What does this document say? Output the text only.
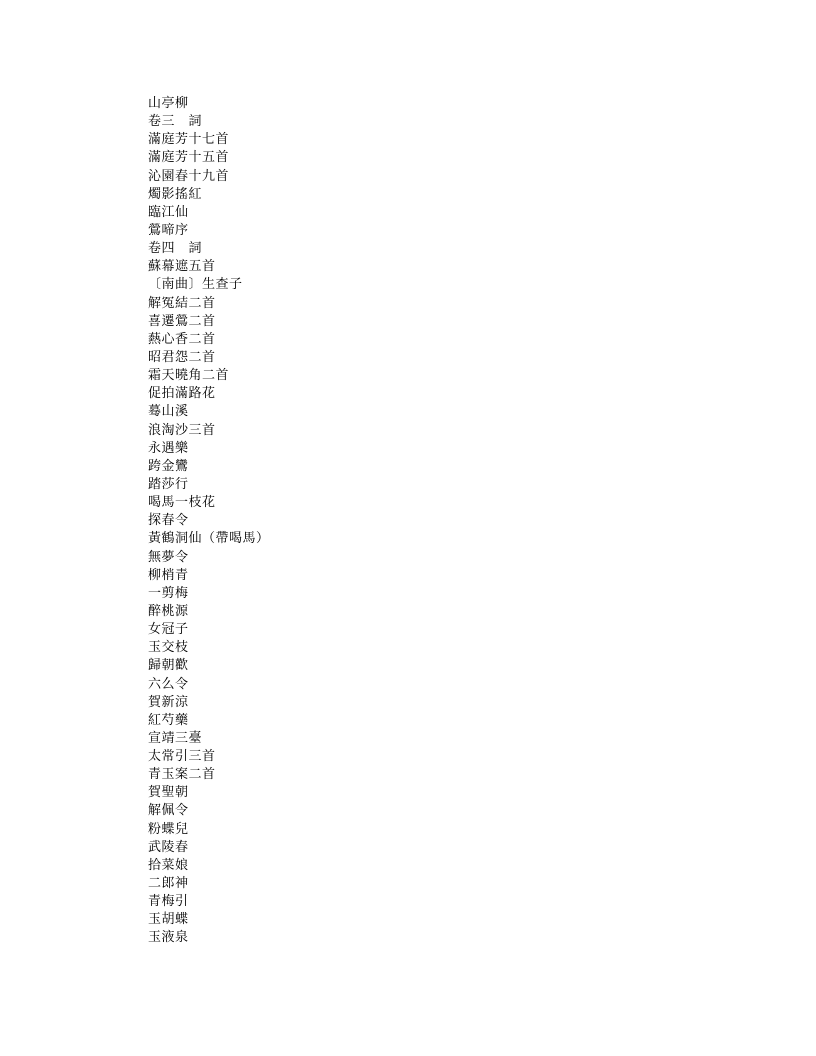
山亭柳
卷三　詞
滿庭芳十七首
滿庭芳十五首
沁園春十九首
燭影搖紅
臨江仙
鶯啼序
卷四　詞
蘇幕遮五首
〔南曲〕生查子
解冤結二首
喜遷鶯二首
爇心香二首
昭君怨二首
霜天曉角二首
促拍滿路花
蓦山溪
浪淘沙三首
永遇樂
跨金鸞
踏莎行
喝馬一枝花
探春令
黃鶴洞仙（帶喝馬）
無夢令
柳梢青
一剪梅
醉桃源
女冠子
玉交枝
歸朝歡
六么令
賀新涼
紅芍藥
宣靖三臺
太常引三首
青玉案二首
賀聖朝
解佩令
粉蝶兒
武陵春
拾菜娘
二郎神
青梅引
玉胡蝶
玉液泉
